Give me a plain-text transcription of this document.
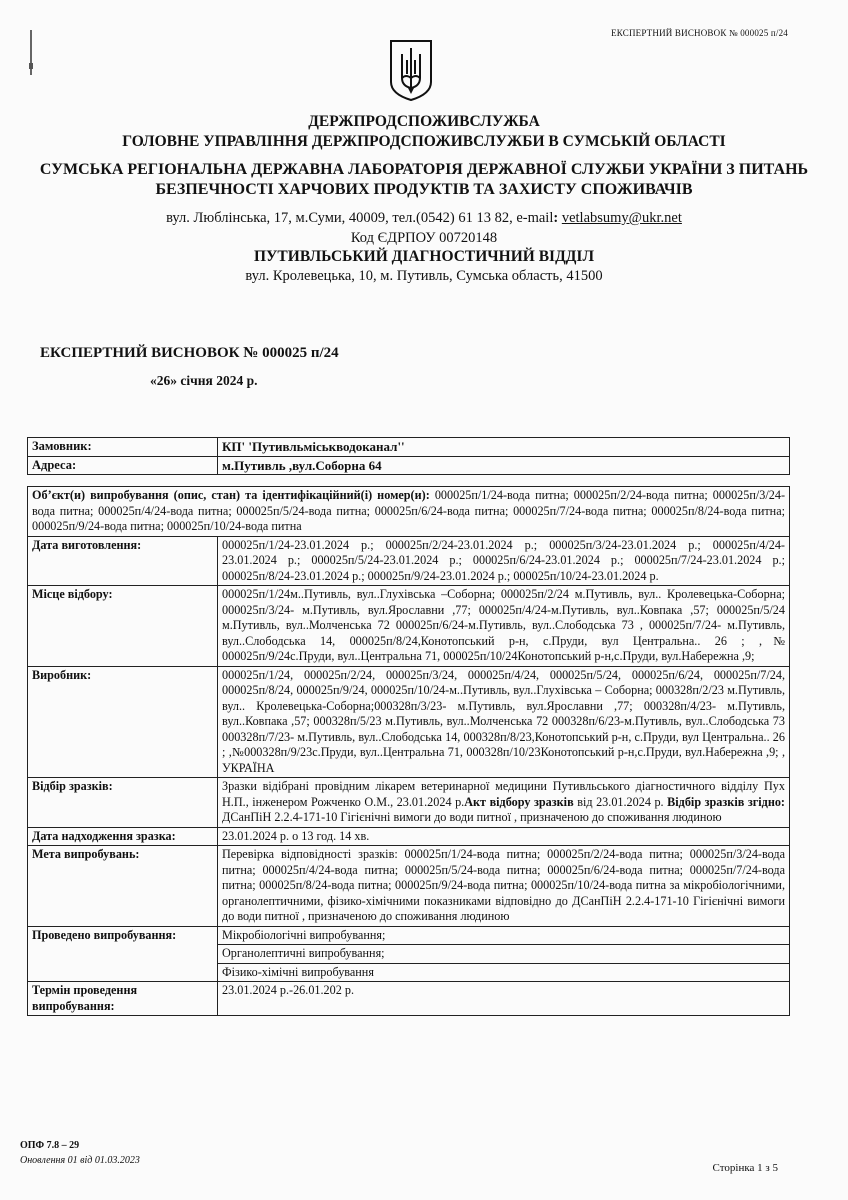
ЕКСПЕРТНИЙ ВИСНОВОК № 000025 п/24
ДЕРЖПРОДСПОЖИВСЛУЖБА
ГОЛОВНЕ УПРАВЛІННЯ ДЕРЖПРОДСПОЖИВСЛУЖБИ В СУМСЬКІЙ ОБЛАСТІ
СУМСЬКА РЕГІОНАЛЬНА ДЕРЖАВНА ЛАБОРАТОРІЯ ДЕРЖАВНОЇ СЛУЖБИ УКРАЇНИ З ПИТАНЬ БЕЗПЕЧНОСТІ ХАРЧОВИХ ПРОДУКТІВ ТА ЗАХИСТУ СПОЖИВАЧІВ
вул. Люблінська, 17, м.Суми, 40009, тел.(0542) 61 13 82, e-mail: vetlabsumy@ukr.net
Код ЄДРПОУ 00720148
ПУТИВЛЬСЬКИЙ ДІАГНОСТИЧНИЙ ВІДДІЛ
вул. Кролевецька, 10, м. Путивль, Сумська область, 41500
ЕКСПЕРТНИЙ ВИСНОВОК № 000025 п/24
«26» січня 2024 р.
Замовник:	КП' 'Путивльміськводоканал''
Адреса:	м.Путивль ,вул.Соборна 64
Об’єкт(и) випробування (опис, стан) та ідентифікаційний(і) номер(и): 000025п/1/24-вода питна; 000025п/2/24-вода питна; 000025п/3/24-вода питна; 000025п/4/24-вода питна; 000025п/5/24-вода питна; 000025п/6/24-вода питна; 000025п/7/24-вода питна; 000025п/8/24-вода питна; 000025п/9/24-вода питна; 000025п/10/24-вода питна	
Дата виготовлення:	000025п/1/24-23.01.2024 р.; 000025п/2/24-23.01.2024 р.; 000025п/3/24-23.01.2024 р.; 000025п/4/24-23.01.2024 р.; 000025п/5/24-23.01.2024 р.; 000025п/6/24-23.01.2024 р.; 000025п/7/24-23.01.2024 р.; 000025п/8/24-23.01.2024 р.; 000025п/9/24-23.01.2024 р.; 000025п/10/24-23.01.2024 р.
Місце відбору:	000025п/1/24м..Путивль, вул..Глухівська –Соборна; 000025п/2/24 м.Путивль, вул.. Кролевецька-Соборна; 000025п/3/24- м.Путивль, вул.Ярославни ,77; 000025п/4/24-м.Путивль, вул..Ковпака ,57; 000025п/5/24 м.Путивль, вул..Молченська 72 000025п/6/24-м.Путивль, вул..Слободська 73 , 000025п/7/24- м.Путивль, вул..Слободська 14, 000025п/8/24,Конотопський р-н, с.Пруди, вул Центральна.. 26 ; ,№ 000025п/9/24с.Пруди, вул..Центральна 71, 000025п/10/24Конотопський р-н,с.Пруди, вул.Набережна ,9;
Виробник:	000025п/1/24, 000025п/2/24, 000025п/3/24, 000025п/4/24, 000025п/5/24, 000025п/6/24, 000025п/7/24, 000025п/8/24, 000025п/9/24, 000025п/10/24-м..Путивль, вул..Глухівська – Соборна; 000328п/2/23 м.Путивль, вул.. Кролевецька-Соборна;000328п/3/23- м.Путивль, вул.Ярославни ,77; 000328п/4/23- м.Путивль, вул..Ковпака ,57; 000328п/5/23 м.Путивль, вул..Молченська 72 000328п/6/23-м.Путивль, вул..Слободська 73 000328п/7/23- м.Путивль, вул..Слободська 14, 000328п/8/23,Конотопський р-н, с.Пруди, вул Центральна.. 26 ; ,№000328п/9/23с.Пруди, вул..Центральна 71, 000328п/10/23Конотопський р-н,с.Пруди, вул.Набережна ,9; , УКРАЇНА
Відбір зразків:	Зразки відібрані провідним лікарем ветеринарної медицини Путивльського діагностичного відділу Пух Н.П., інженером Рожченко О.М., 23.01.2024 р.Акт відбору зразків від 23.01.2024 р. Відбір зразків згідно: ДСанПіН 2.2.4-171-10 Гігієнічні вимоги до води питної , призначеною до споживання людиною
Дата надходження зразка:	23.01.2024 р. о 13 год. 14 хв.
Мета випробувань:	Перевірка відповідності зразків: 000025п/1/24-вода питна; 000025п/2/24-вода питна; 000025п/3/24-вода питна; 000025п/4/24-вода питна; 000025п/5/24-вода питна; 000025п/6/24-вода питна; 000025п/7/24-вода питна; 000025п/8/24-вода питна; 000025п/9/24-вода питна; 000025п/10/24-вода питна за мікробіологічними, органолептичними, фізико-хімічними показниками відповідно до ДСанПіН 2.2.4-171-10 Гігієнічні вимоги до води питної , призначеною до споживання людиною
Проведено випробування:	Мікробіологічні випробування;
Органолептичні випробування;
Фізико-хімічні випробування

Термін проведення випробування:	23.01.2024 р.-26.01.202 р.
ОПФ 7.8 – 29
Оновлення 01 від 01.03.2023
Сторінка 1 з 5
